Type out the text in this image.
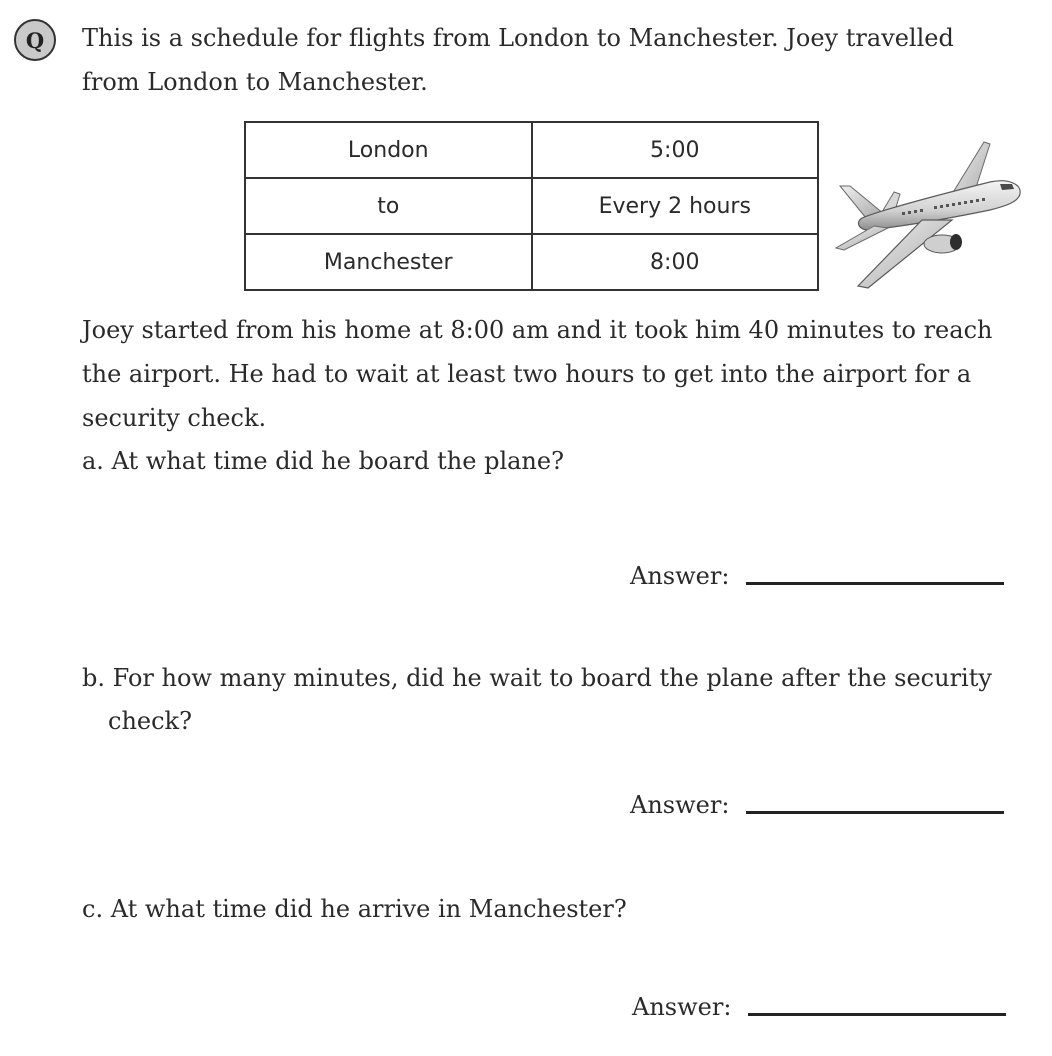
Q	This is a schedule for flights from London to Manchester. Joey travelled

from London to Manchester.

London	5:00
to	Every 2 hours
Manchester	8:00

Joey started from his home at 8:00 am and it took him 40 minutes to reach

the airport. He had to wait at least two hours to get into the airport for a

security check.

a. At what time did he board the plane?

Answer:

b. For how many minutes, did he wait to board the plane after the security

check?

Answer:

c. At what time did he arrive in Manchester?

Answer:
